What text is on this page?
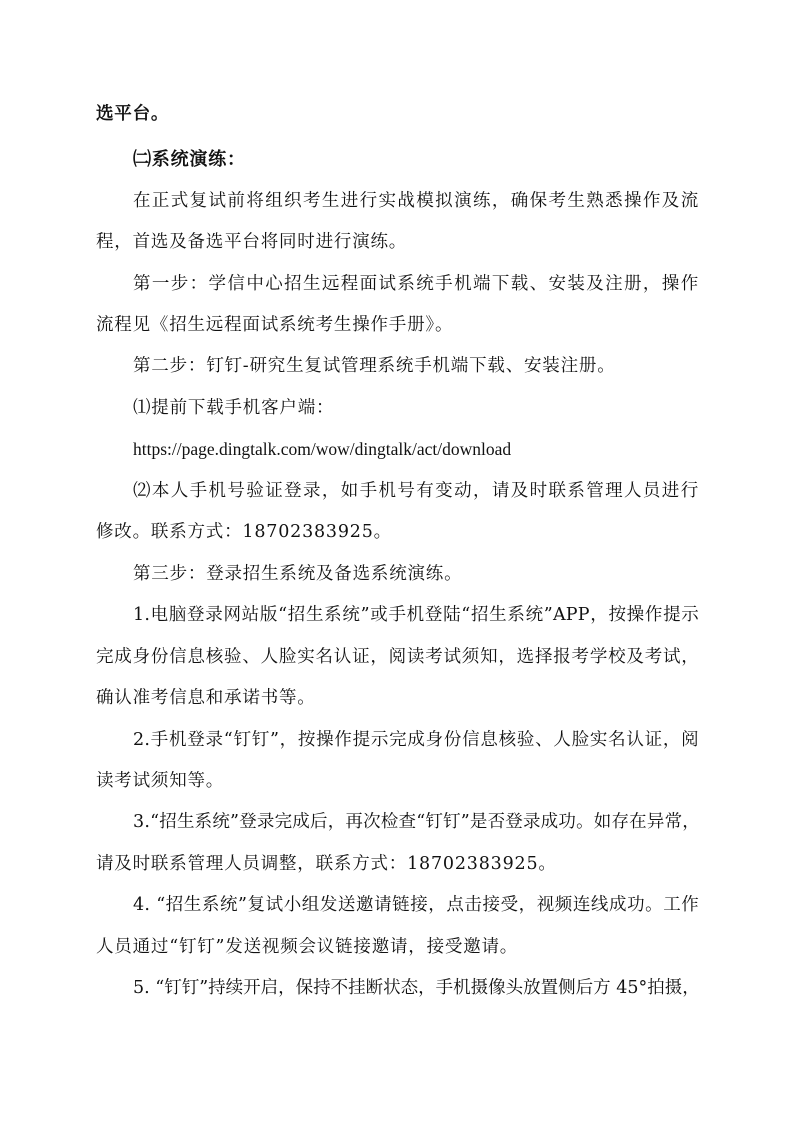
选平台。
㈡系统演练：
在正式复试前将组织考生进行实战模拟演练，确保考生熟悉操作及流
程，首选及备选平台将同时进行演练。
第一步：学信中心招生远程面试系统手机端下载、安装及注册，操作
流程见《招生远程面试系统考生操作手册》。
第二步：钉钉-研究生复试管理系统手机端下载、安装注册。
⑴提前下载手机客户端：
https://page.dingtalk.com/wow/dingtalk/act/download
⑵本人手机号验证登录，如手机号有变动，请及时联系管理人员进行
修改。联系方式：18702383925。
第三步：登录招生系统及备选系统演练。
1.电脑登录网站版“招生系统”或手机登陆“招生系统”APP，按操作提示
完成身份信息核验、人脸实名认证，阅读考试须知，选择报考学校及考试，
确认准考信息和承诺书等。
2.手机登录“钉钉”，按操作提示完成身份信息核验、人脸实名认证，阅
读考试须知等。
3.“招生系统”登录完成后，再次检查“钉钉”是否登录成功。如存在异常，
请及时联系管理人员调整，联系方式：18702383925。
4. “招生系统”复试小组发送邀请链接，点击接受，视频连线成功。工作
人员通过“钉钉”发送视频会议链接邀请，接受邀请。
5. “钉钉”持续开启，保持不挂断状态，手机摄像头放置侧后方 45°拍摄，
